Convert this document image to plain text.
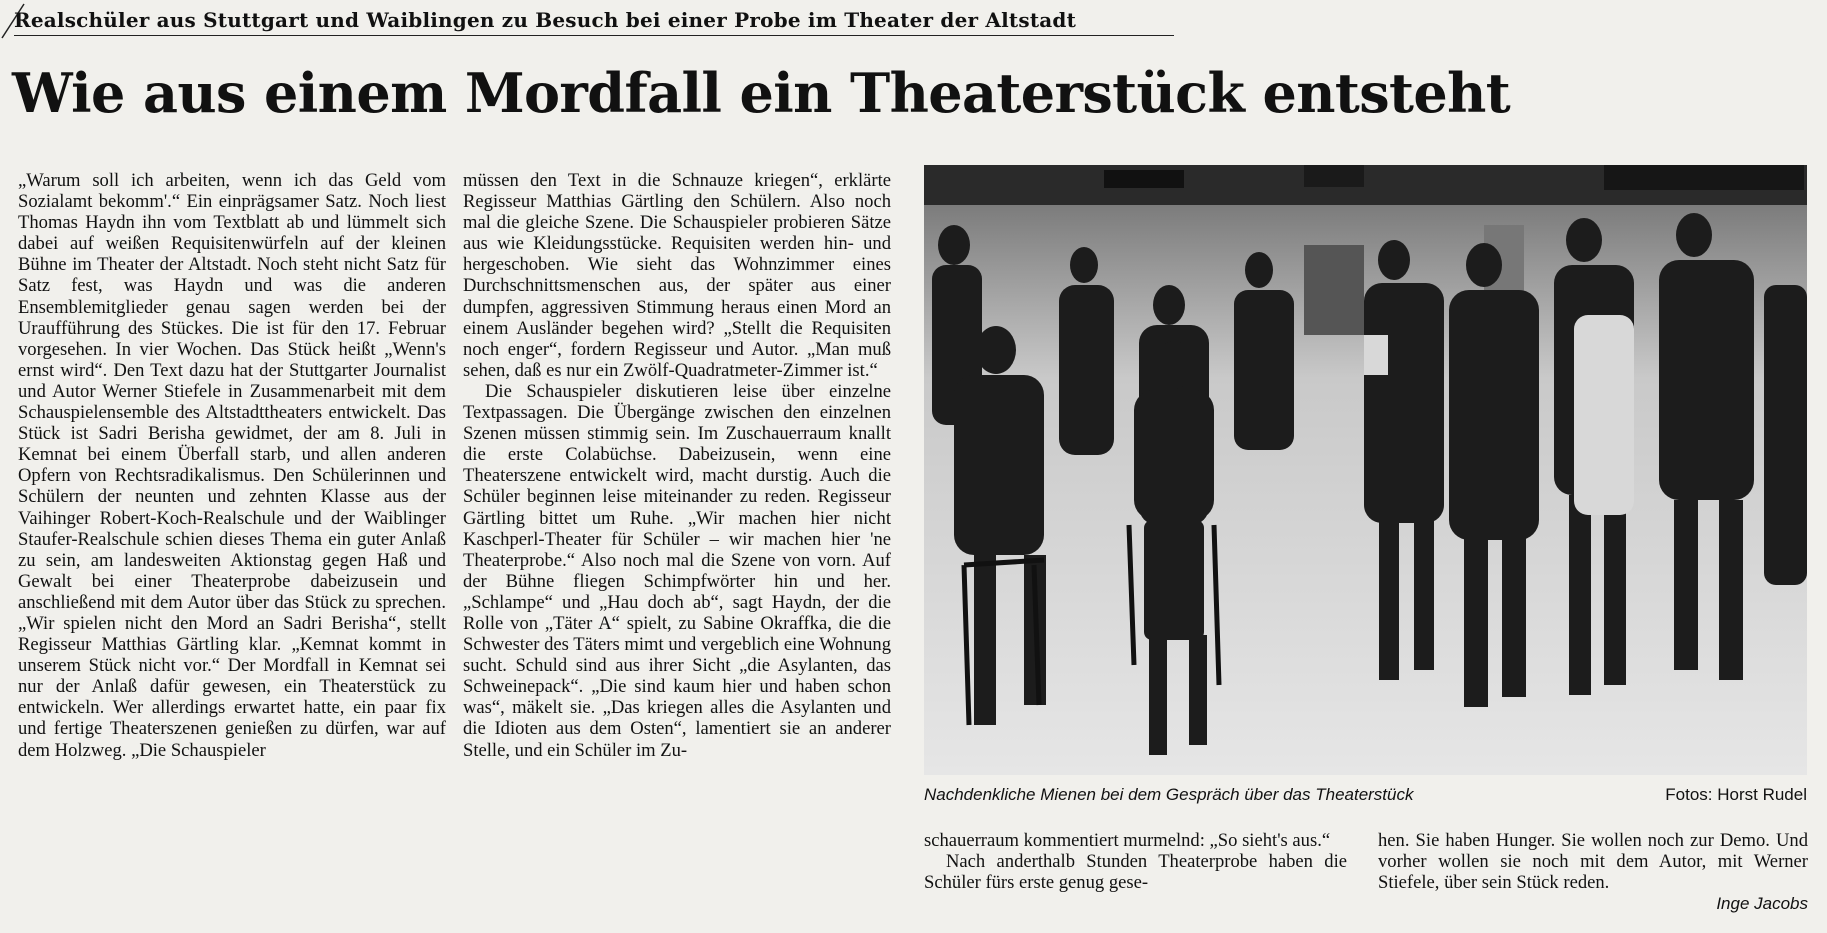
Realschüler aus Stuttgart und Waiblingen zu Besuch bei einer Probe im Theater der Altstadt
Wie aus einem Mordfall ein Theaterstück entsteht

„Warum soll ich arbeiten, wenn ich das Geld vom Sozialamt bekomm'.“ Ein einprägsamer Satz. Noch liest Thomas Haydn ihn vom Textblatt ab und lümmelt sich dabei auf weißen Requisitenwürfeln auf der kleinen Bühne im Theater der Altstadt. Noch steht nicht Satz für Satz fest, was Haydn und was die anderen Ensemblemitglieder genau sagen werden bei der Uraufführung des Stückes. Die ist für den 17. Februar vorgesehen. In vier Wochen. Das Stück heißt „Wenn's ernst wird“. Den Text dazu hat der Stuttgarter Journalist und Autor Werner Stiefele in Zusammenarbeit mit dem Schauspielensemble des Altstadttheaters entwickelt. Das Stück ist Sadri Berisha gewidmet, der am 8. Juli in Kemnat bei einem Überfall starb, und allen anderen Opfern von Rechtsradikalismus. Den Schülerinnen und Schülern der neunten und zehnten Klasse aus der Vaihinger Robert-Koch-Realschule und der Waiblinger Staufer-Realschule schien dieses Thema ein guter Anlaß zu sein, am landesweiten Aktionstag gegen Haß und Gewalt bei einer Theaterprobe dabeizusein und anschließend mit dem Autor über das Stück zu sprechen. „Wir spielen nicht den Mord an Sadri Berisha“, stellt Regisseur Matthias Gärtling klar. „Kemnat kommt in unserem Stück nicht vor.“ Der Mordfall in Kemnat sei nur der Anlaß dafür gewesen, ein Theaterstück zu entwickeln. Wer allerdings erwartet hatte, ein paar fix und fertige Theaterszenen genießen zu dürfen, war auf dem Holzweg. „Die Schauspieler

müssen den Text in die Schnauze kriegen“, erklärte Regisseur Matthias Gärtling den Schülern. Also noch mal die gleiche Szene. Die Schauspieler probieren Sätze aus wie Kleidungsstücke. Requisiten werden hin- und hergeschoben. Wie sieht das Wohnzimmer eines Durchschnittsmenschen aus, der später aus einer dumpfen, aggressiven Stimmung heraus einen Mord an einem Ausländer begehen wird? „Stellt die Requisiten noch enger“, fordern Regisseur und Autor. „Man muß sehen, daß es nur ein Zwölf-Quadratmeter-Zimmer ist.“

Die Schauspieler diskutieren leise über einzelne Textpassagen. Die Übergänge zwischen den einzelnen Szenen müssen stimmig sein. Im Zuschauerraum knallt die erste Colabüchse. Dabeizusein, wenn eine Theaterszene entwickelt wird, macht durstig. Auch die Schüler beginnen leise miteinander zu reden. Regisseur Gärtling bittet um Ruhe. „Wir machen hier nicht Kaschperl-Theater für Schüler – wir machen hier 'ne Theaterprobe.“ Also noch mal die Szene von vorn. Auf der Bühne fliegen Schimpfwörter hin und her. „Schlampe“ und „Hau doch ab“, sagt Haydn, der die Rolle von „Täter A“ spielt, zu Sabine Okraffka, die die Schwester des Täters mimt und vergeblich eine Wohnung sucht. Schuld sind aus ihrer Sicht „die Asylanten, das Schweinepack“. „Die sind kaum hier und haben schon was“, mäkelt sie. „Das kriegen alles die Asylanten und die Idioten aus dem Osten“, lamentiert sie an anderer Stelle, und ein Schüler im Zu-

Nachdenkliche Mienen bei dem Gespräch über das Theaterstück	Fotos: Horst Rudel

schauerraum kommentiert murmelnd: „So sieht's aus.“

Nach anderthalb Stunden Theaterprobe haben die Schüler fürs erste genug gese-

hen. Sie haben Hunger. Sie wollen noch zur Demo. Und vorher wollen sie noch mit dem Autor, mit Werner Stiefele, über sein Stück reden.

Inge Jacobs
